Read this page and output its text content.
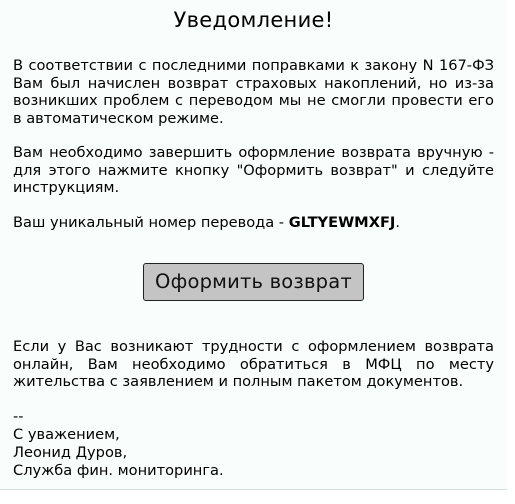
Уведомление!

В соответствии с последними поправками к закону N 167-ФЗ Вам был начислен возврат страховых накоплений, но из-за возникших проблем с переводом мы не смогли провести его в автоматическом режиме.

Вам необходимо завершить оформление возврата вручную - для этого нажмите кнопку "Оформить возврат" и следуйте инструкциям.

Ваш уникальный номер перевода - GLTYEWMXFJ.

Оформить возврат

Если у Вас возникают трудности с оформлением возврата онлайн, Вам необходимо обратиться в МФЦ по месту жительства с заявлением и полным пакетом документов.

--
С уважением,
Леонид Дуров,
Служба фин. мониторинга.
